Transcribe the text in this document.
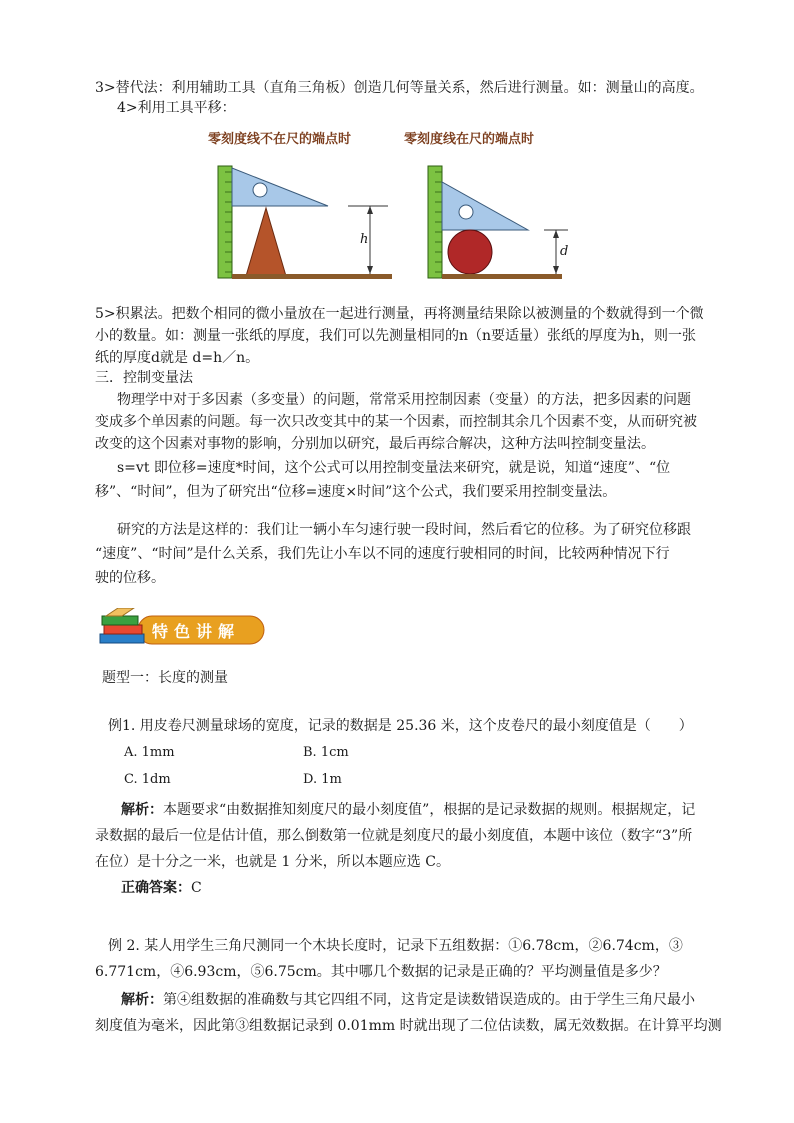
3>替代法：利用辅助工具（直角三角板）创造几何等量关系，然后进行测量。如：测量山的高度。
4>利用工具平移：
零刻度线不在尺的端点时	零刻度线在尺的端点时
h
d
5>积累法。把数个相同的微小量放在一起进行测量，再将测量结果除以被测量的个数就得到一个微
小的数量。如：测量一张纸的厚度，我们可以先测量相同的n（n要适量）张纸的厚度为h，则一张
纸的厚度d就是 d=h／n。
三．控制变量法
物理学中对于多因素（多变量）的问题，常常采用控制因素（变量）的方法，把多因素的问题
变成多个单因素的问题。每一次只改变其中的某一个因素，而控制其余几个因素不变，从而研究被
改变的这个因素对事物的影响，分别加以研究，最后再综合解决，这种方法叫控制变量法。
s=vt 即位移=速度*时间，这个公式可以用控制变量法来研究，就是说，知道“速度”、“位
移”、“时间”，但为了研究出“位移=速度×时间”这个公式，我们要采用控制变量法。
研究的方法是这样的：我们让一辆小车匀速行驶一段时间，然后看它的位移。为了研究位移跟
“速度”、“时间”是什么关系，我们先让小车以不同的速度行驶相同的时间，比较两种情况下行
驶的位移。
特色讲解
题型一：长度的测量
例1. 用皮卷尺测量球场的宽度，记录的数据是 25.36 米，这个皮卷尺的最小刻度值是（　　）
A. 1mm	B. 1cm
C. 1dm	D. 1m
解析：本题要求“由数据推知刻度尺的最小刻度值”，根据的是记录数据的规则。根据规定，记
录数据的最后一位是估计值，那么倒数第一位就是刻度尺的最小刻度值，本题中该位（数字“3”所
在位）是十分之一米，也就是 1 分米，所以本题应选 C。
正确答案：C
例 2. 某人用学生三角尺测同一个木块长度时，记录下五组数据：①6.78cm，②6.74cm，③
6.771cm，④6.93cm，⑤6.75cm。其中哪几个数据的记录是正确的？平均测量值是多少？
解析：第④组数据的准确数与其它四组不同，这肯定是读数错误造成的。由于学生三角尺最小
刻度值为毫米，因此第③组数据记录到 0.01mm 时就出现了二位估读数，属无效数据。在计算平均测
